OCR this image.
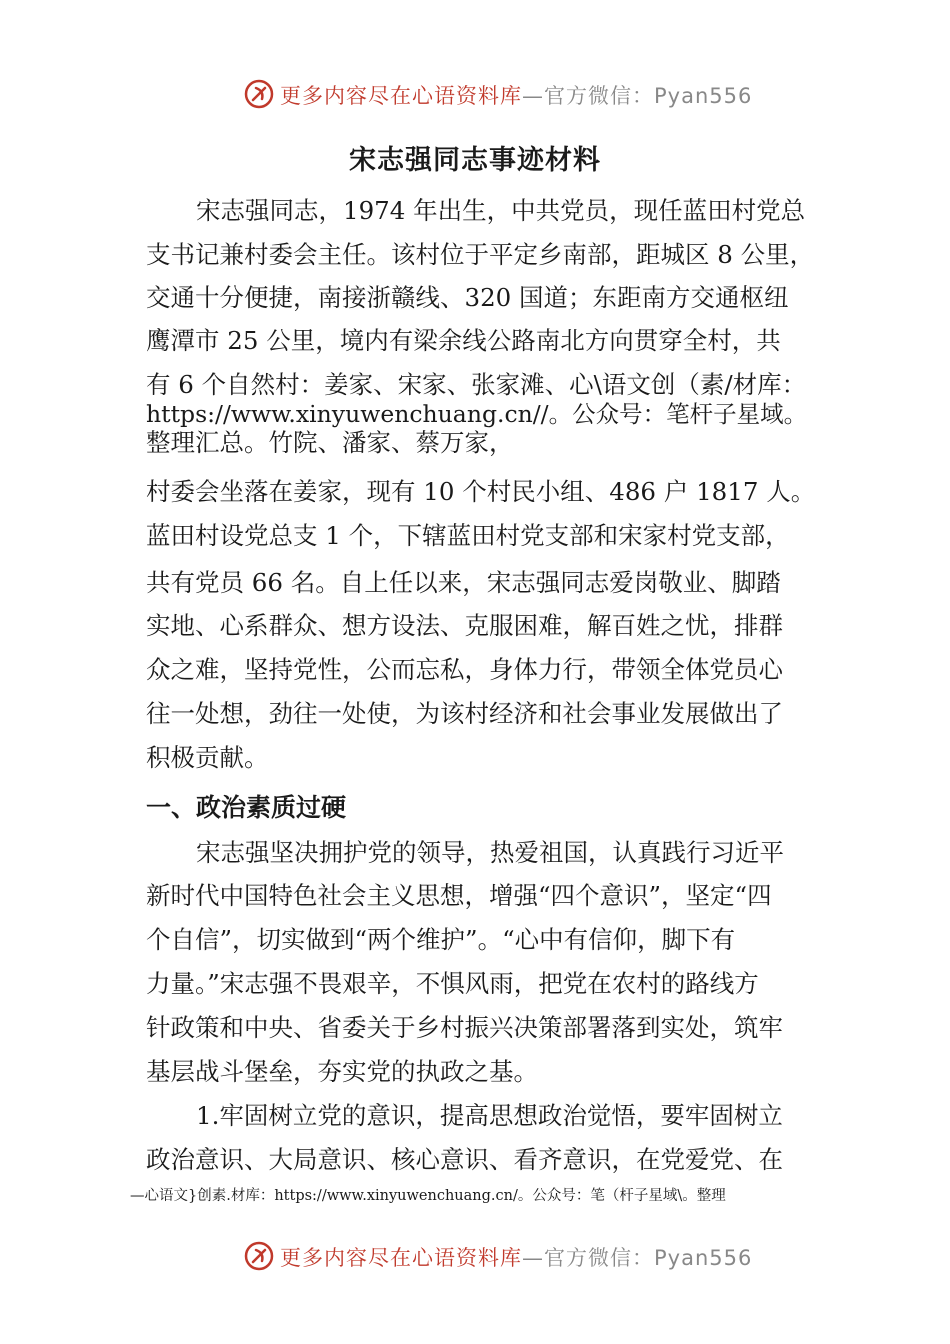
更多内容尽在心语资料库—官方微信：Pyan556
宋志强同志事迹材料
宋志强同志，1974 年出生，中共党员，现任蓝田村党总
支书记兼村委会主任。该村位于平定乡南部，距城区 8 公里，
交通十分便捷，南接浙赣线、320 国道；东距南方交通枢纽
鹰潭市 25 公里，境内有梁余线公路南北方向贯穿全村，共
有 6 个自然村：姜家、宋家、张家滩、心\语文创（素/材库：
https://www.xinyuwenchuang.cn//。公众号：笔杆子星域。
整理汇总。竹院、潘家、蔡万家，
村委会坐落在姜家，现有 10 个村民小组、486 户 1817 人。
蓝田村设党总支 1 个，下辖蓝田村党支部和宋家村党支部，
共有党员 66 名。自上任以来，宋志强同志爱岗敬业、脚踏
实地、心系群众、想方设法、克服困难，解百姓之忧，排群
众之难，坚持党性，公而忘私，身体力行，带领全体党员心
往一处想，劲往一处使，为该村经济和社会事业发展做出了
积极贡献。
一、政治素质过硬
宋志强坚决拥护党的领导，热爱祖国，认真践行习近平
新时代中国特色社会主义思想，增强“四个意识”，坚定“四
个自信”，切实做到“两个维护”。“心中有信仰，脚下有
力量。”宋志强不畏艰辛，不惧风雨，把党在农村的路线方
针政策和中央、省委关于乡村振兴决策部署落到实处，筑牢
基层战斗堡垒，夯实党的执政之基。
1.牢固树立党的意识，提高思想政治觉悟，要牢固树立
政治意识、大局意识、核心意识、看齐意识，在党爱党、在
—心语文}创素.材库：https://www.xinyuwenchuang.cn/。公众号：笔（杆子星域\。整理
更多内容尽在心语资料库—官方微信：Pyan556
